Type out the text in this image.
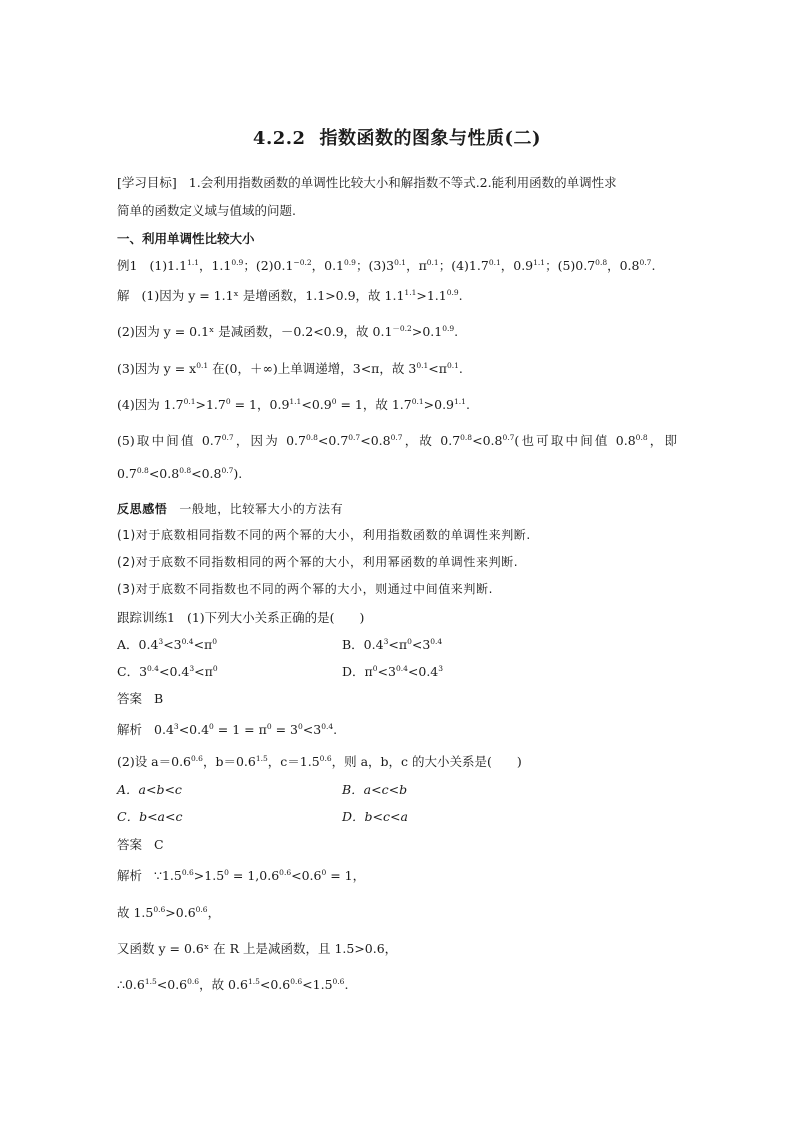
4.2.2 指数函数的图象与性质(二)
[学习目标] 1.会利用指数函数的单调性比较大小和解指数不等式.2.能利用函数的单调性求
简单的函数定义域与值域的问题.
一、利用单调性比较大小
例1 $(1)1.1^{1.1}$，$1.1^{0.9}$；$(2)0.1^{-0.2}$，$0.1^{0.9}$；$(3)3^{0.1}$，$\pi^{0.1}$；$(4)1.7^{0.1}$，$0.9^{1.1}$；$(5)0.7^{0.8}$，$0.8^{0.7}$.
解 (1)因为 y = 1.1ˣ 是增函数，1.1>0.9，故 $1.1^{1.1}>1.1^{0.9}$.
(2)因为 y = 0.1ˣ 是减函数，－0.2<0.9，故 $0.1^{-0.2}>0.1^{0.9}$.
(3)因为 $y = x^{0.1}$ 在(0，＋∞)上单调递增，3<π，故 $3^{0.1}<\pi^{0.1}$.
(4)因为 $1.7^{0.1}>1.7^0 = 1$，$0.9^{1.1}<0.9^0 = 1$，故 $1.7^{0.1}>0.9^{1.1}$.
(5)取中间值 $0.7^{0.7}$，因为 $0.7^{0.8}<0.7^{0.7}<0.8^{0.7}$，故 $0.7^{0.8}<0.8^{0.7}$(也可取中间值 $0.8^{0.8}$，即
$0.7^{0.8}<0.8^{0.8}<0.8^{0.7}$).
反思感悟 一般地，比较幂大小的方法有
(1)对于底数相同指数不同的两个幂的大小，利用指数函数的单调性来判断.
(2)对于底数不同指数相同的两个幂的大小，利用幂函数的单调性来判断.
(3)对于底数不同指数也不同的两个幂的大小，则通过中间值来判断.
跟踪训练1 (1)下列大小关系正确的是(　　)
A．$0.4^3<3^{0.4}<\pi^0$	B．$0.4^3<\pi^0<3^{0.4}$
C．$3^{0.4}<0.4^3<\pi^0$	D．$\pi^0<3^{0.4}<0.4^3$
答案 B
解析 $0.4^3<0.4^0 = 1 = \pi^0 = 3^0<3^{0.4}$.
(2)设 $a=0.6^{0.6}$，$b=0.6^{1.5}$，$c=1.5^{0.6}$，则 a，b，c 的大小关系是(　　)
A．a<b<c	B．a<c<b
C．b<a<c	D．b<c<a
答案 C
解析 $\because 1.5^{0.6}>1.5^0 = 1,0.6^{0.6}<0.6^0 = 1$，
故 $1.5^{0.6}>0.6^{0.6}$，
又函数 y = 0.6ˣ 在 R 上是减函数，且 1.5>0.6，
$\therefore 0.6^{1.5}<0.6^{0.6}$，故 $0.6^{1.5}<0.6^{0.6}<1.5^{0.6}$.
